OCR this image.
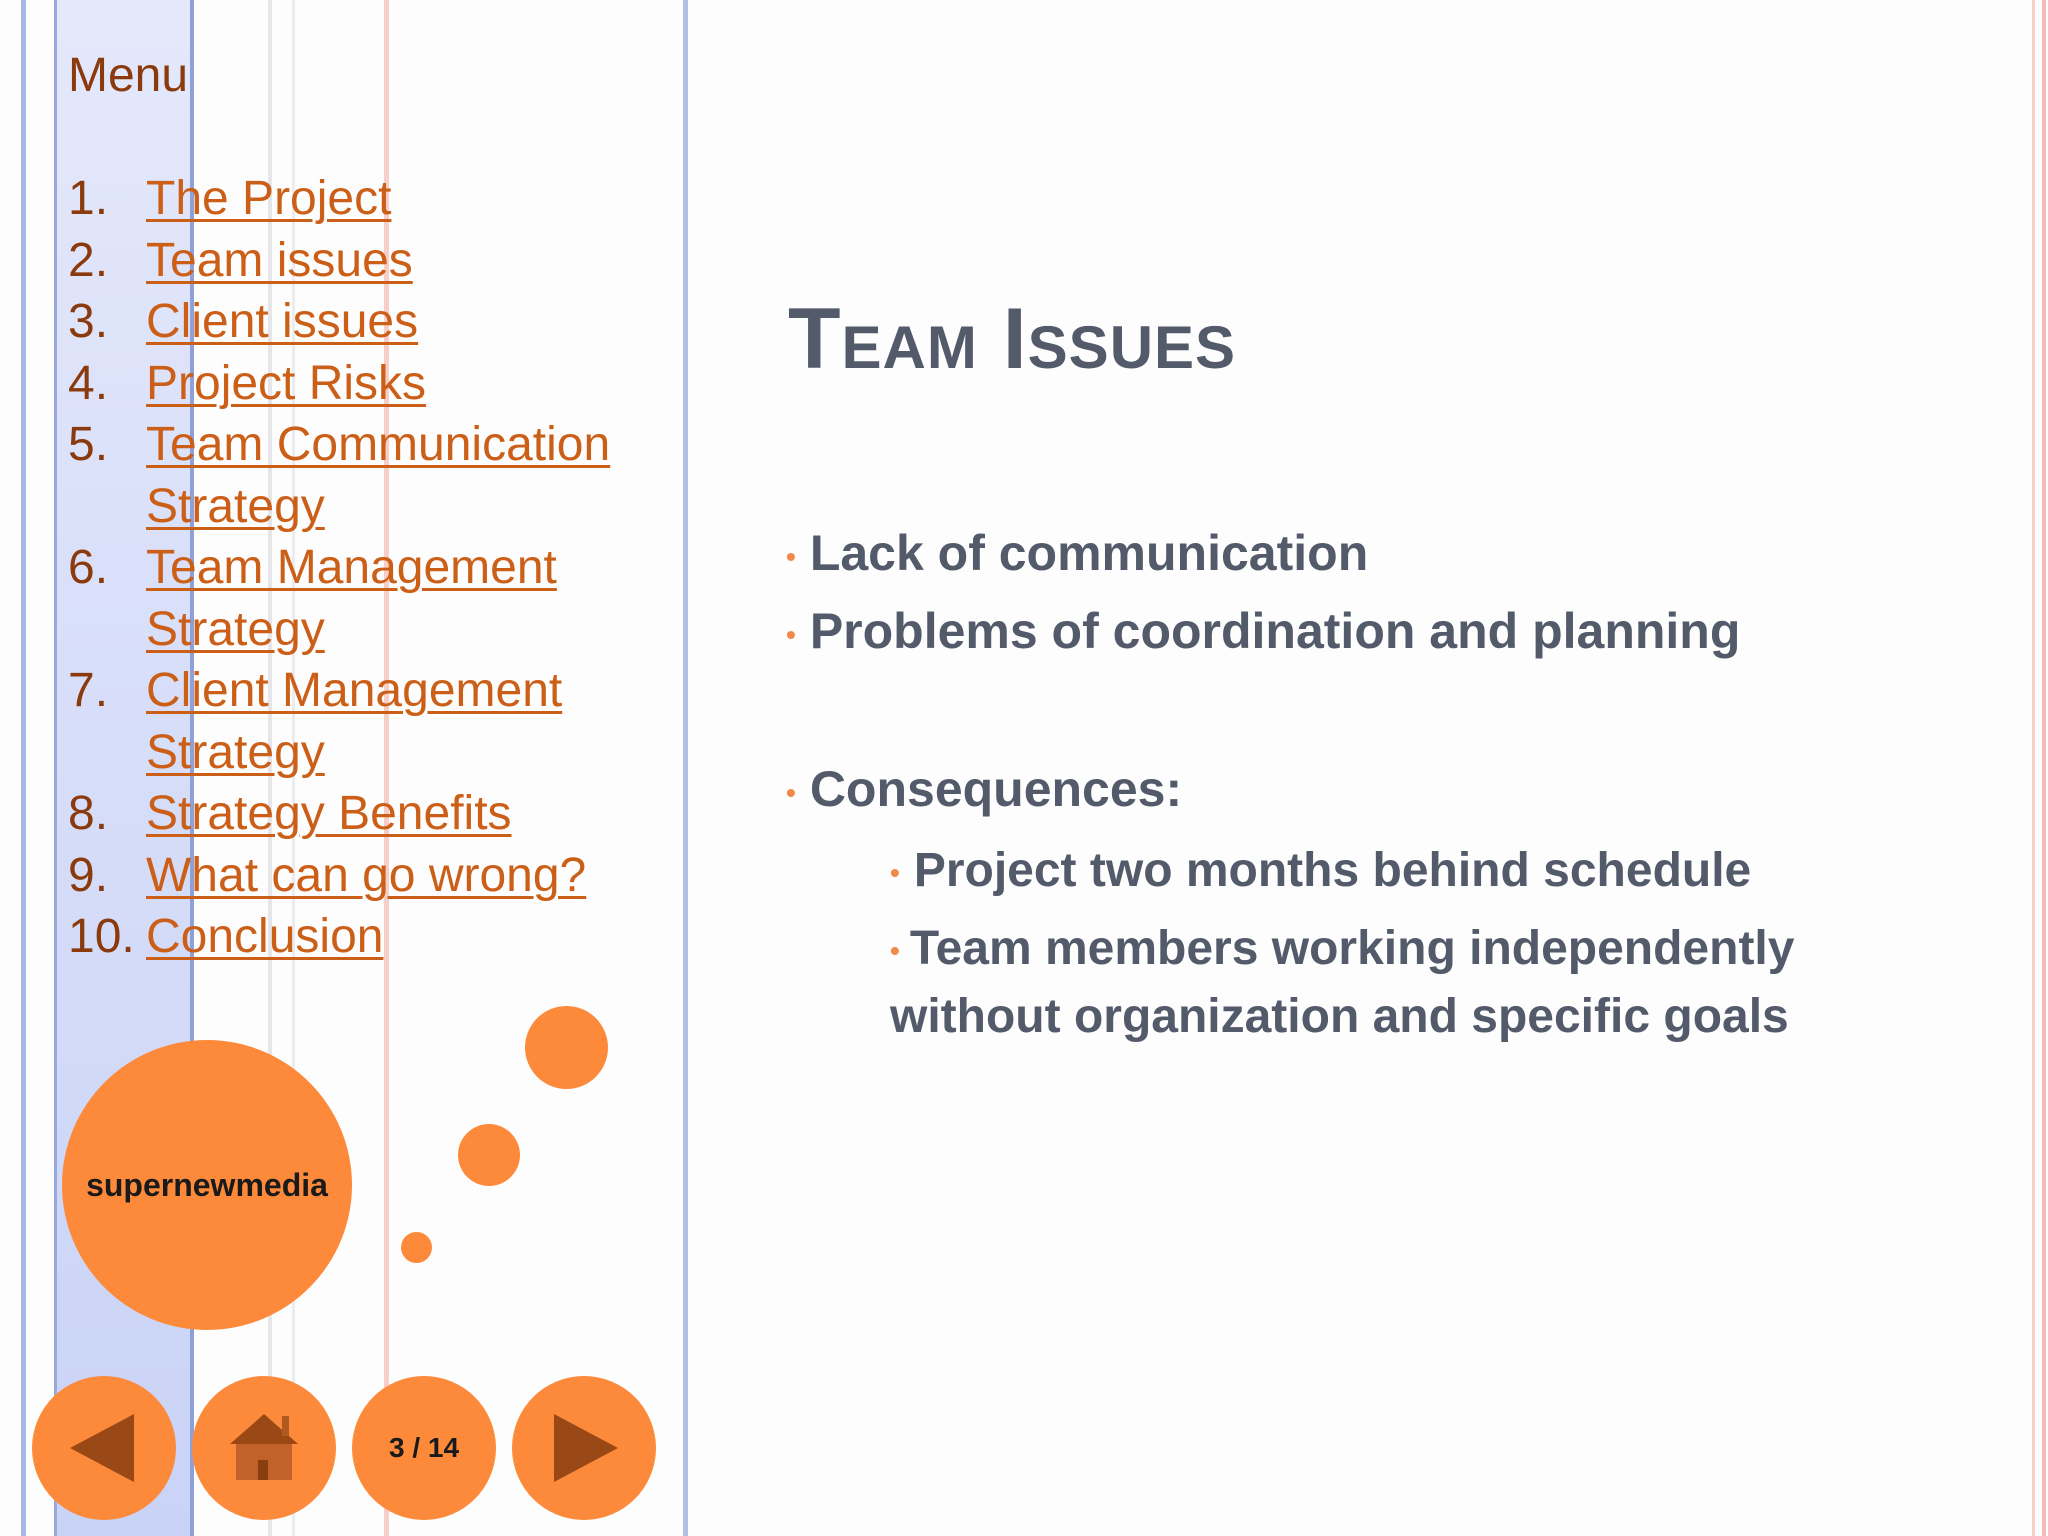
Menu
1. The Project
2. Team issues
3. Client issues
4. Project Risks
5. Team Communication Strategy
6. Team Management Strategy
7. Client Management Strategy
8. Strategy Benefits
9. What can go wrong?
10. Conclusion
supernewmedia
3 / 14
Team Issues
• Lack of communication
• Problems of coordination and planning
• Consequences:
• Project two months behind schedule
• Team members working independently without organization and specific goals
